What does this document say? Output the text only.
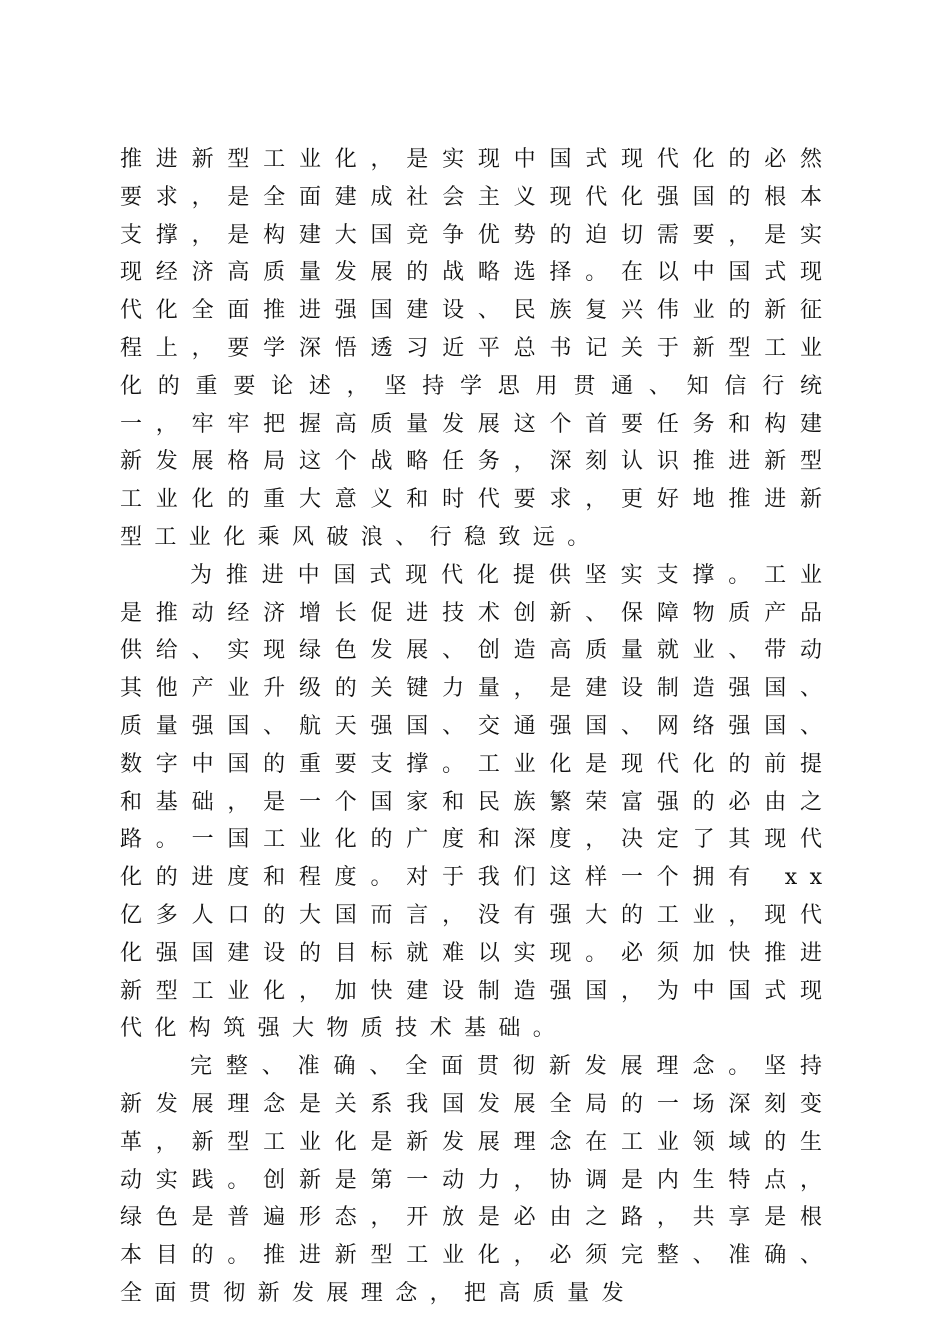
推进新型工业化，是实现中国式现代化的必然要求，是全面建成社会主义现代化强国的根本支撑，是构建大国竞争优势的迫切需要，是实现经济高质量发展的战略选择。在以中国式现代化全面推进强国建设、民族复兴伟业的新征程上，要学深悟透习近平总书记关于新型工业化的重要论述，坚持学思用贯通、知信行统一，牢牢把握高质量发展这个首要任务和构建新发展格局这个战略任务，深刻认识推进新型工业化的重大意义和时代要求，更好地推进新型工业化乘风破浪、行稳致远。

为推进中国式现代化提供坚实支撑。工业是推动经济增长促进技术创新、保障物质产品供给、实现绿色发展、创造高质量就业、带动其他产业升级的关键力量，是建设制造强国、质量强国、航天强国、交通强国、网络强国、数字中国的重要支撑。工业化是现代化的前提和基础，是一个国家和民族繁荣富强的必由之路。一国工业化的广度和深度，决定了其现代化的进度和程度。对于我们这样一个拥有 xx 亿多人口的大国而言，没有强大的工业，现代化强国建设的目标就难以实现。必须加快推进新型工业化，加快建设制造强国，为中国式现代化构筑强大物质技术基础。

完整、准确、全面贯彻新发展理念。坚持新发展理念是关系我国发展全局的一场深刻变革，新型工业化是新发展理念在工业领域的生动实践。创新是第一动力，协调是内生特点，绿色是普遍形态，开放是必由之路，共享是根本目的。推进新型工业化，必须完整、准确、全面贯彻新发展理念，把高质量发
